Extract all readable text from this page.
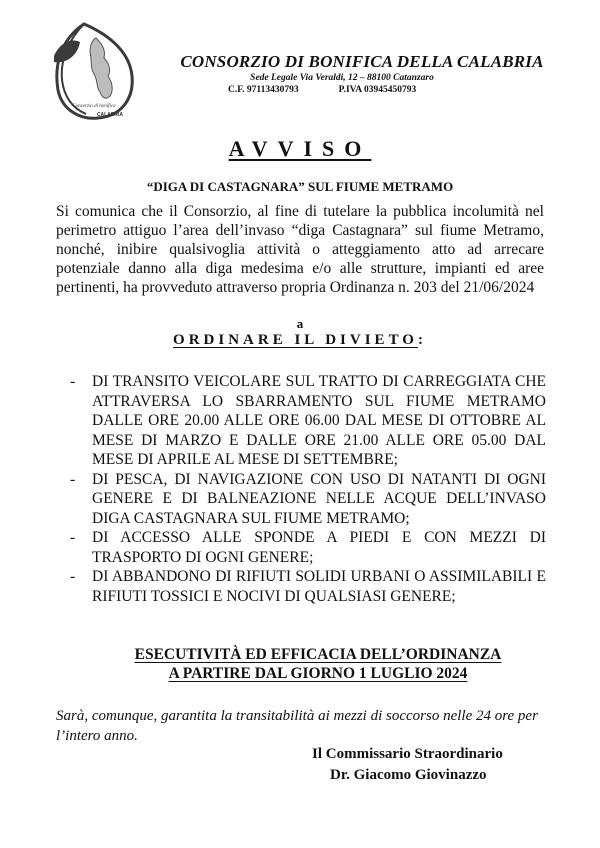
Consorzio di bonifica
CALABRIA
CONSORZIO DI BONIFICA DELLA CALABRIA
Sede Legale Via Veraldi, 12 – 88100 Catanzaro
C.F. 97113430793	P.IVA 03945450793
AVVISO
“DIGA DI CASTAGNARA” SUL FIUME METRAMO
Si comunica che il Consorzio, al fine di tutelare la pubblica incolumità nel perimetro attiguo l’area dell’invaso “diga Castagnara” sul fiume Metramo, nonché, inibire qualsivoglia attività o atteggiamento atto ad arrecare potenziale danno alla diga medesima e/o alle strutture, impianti ed aree pertinenti, ha provveduto attraverso propria Ordinanza n. 203 del 21/06/2024
a
ORDINARE IL DIVIETO:
- DI TRANSITO VEICOLARE SUL TRATTO DI CARREGGIATA CHE ATTRAVERSA LO SBARRAMENTO SUL FIUME METRAMO DALLE ORE 20.00 ALLE ORE 06.00 DAL MESE DI OTTOBRE AL MESE DI MARZO E DALLE ORE 21.00 ALLE ORE 05.00 DAL MESE DI APRILE AL MESE DI SETTEMBRE;
- DI PESCA, DI NAVIGAZIONE CON USO DI NATANTI DI OGNI GENERE E DI BALNEAZIONE NELLE ACQUE DELL’INVASO DIGA CASTAGNARA SUL FIUME METRAMO;
- DI ACCESSO ALLE SPONDE A PIEDI E CON MEZZI DI TRASPORTO DI OGNI GENERE;
- DI ABBANDONO DI RIFIUTI SOLIDI URBANI O ASSIMILABILI E RIFIUTI TOSSICI E NOCIVI DI QUALSIASI GENERE;
ESECUTIVITÀ ED EFFICACIA DELL’ORDINANZA
A PARTIRE DAL GIORNO 1 LUGLIO 2024
Sarà, comunque, garantita la transitabilità ai mezzi di soccorso nelle 24 ore per l’intero anno.
Il Commissario Straordinario
Dr. Giacomo Giovinazzo
